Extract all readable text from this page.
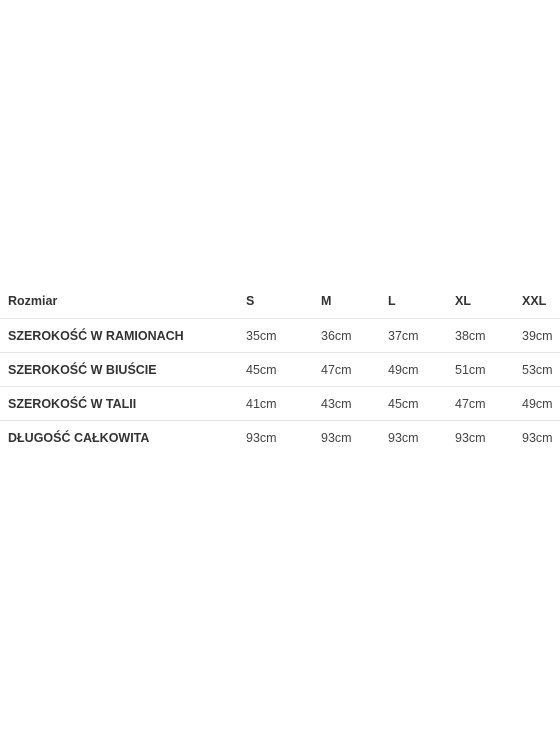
Rozmiar	S	M	L	XL	XXL
SZEROKOŚĆ W RAMIONACH	35cm	36cm	37cm	38cm	39cm
SZEROKOŚĆ W BIUŚCIE	45cm	47cm	49cm	51cm	53cm
SZEROKOŚĆ W TALII	41cm	43cm	45cm	47cm	49cm
DŁUGOŚĆ CAŁKOWITA	93cm	93cm	93cm	93cm	93cm
